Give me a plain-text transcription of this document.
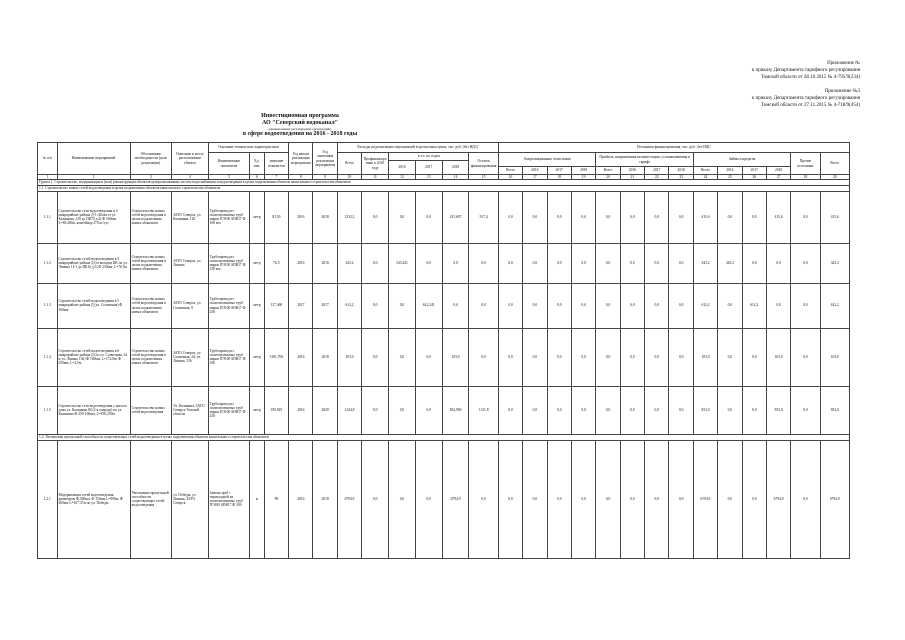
Приложение №
к приказу Департамента тарифного регулирования
Томской области от 28.10.2015 № 4-795/9(234)
Приложение №3
к приказу Департамента тарифного регулирования
Томской области от 27.11.2015 № 4-718/9(454)
Инвестиционная программа
АО "Северский водоканал"
(наименование регулируемой организации)
в сфере водоотведения на 2016 - 2018 годы
№ п/п	Наименование мероприятий	Обоснование необходимости (цель реализации)	Описание и место расположения объекта	Основные технические характеристики			Год начала реализации мероприятия	Год окончания реализации мероприятия	Расходы на реализацию мероприятий в прогнозных ценах, тыс. руб. (без НДС)						Источники финансирования, тыс. руб., без НДС													
				Наименование показателя	Ед. изм.	значение показателя			Всего	Профинансировано к 2016 году	в т.ч. по годам			Остаток финансирования	Амортизационные отчисления				Прибыль, направленная на инвестиции, устанавливаемая в тарифе				Займы и кредиты				Прочие источники	Всего
											2016	2017	2018															
															Всего	2016	2017	2018	Всего	2016	2017	2018	Всего	2016	2017	2018		
1	2	3	4	5	6	7	8	9	10	11	12	13	14	15	16	17	18	19	20	21	22	23	24	25	26	27	28	29
Группа 1. Строительство, модернизация и (или) реконструкция объектов централизованных систем водоснабжения и водоотведения в целях подключения объектов капитального строительства абонентов																												
1.1. Строительство новых сетей водоотведения в целях подключения объектов капитального строительства абонентов																												
1.1.1	Строительство сети водоотведения в 4 микрорайоне района Д-1 (40мм от ул. Калинина, 120 до ПК70 д.4) Ф 160мм L=83,480м, контейнер 270 кг/сут	Строительство новых сетей водоотведения в целях подключения новых абонентов	ЗАТО Северск, ул. Калинина, 120	Трубопровод из полиэтиленовых труб марки ПЭ100 SDR17 Ф 160 мм	метр	83,50	2016	2018	1332,3	0,0	0,0	0,0	415,607	917,4	0,0	0,0	0,0	0,0	0,0	0,0	0,0	0,0	415,6	0,0	0,0	415,6	0,0	415,6
1.1.2	Строительство сетей водоотведения в 5 микрорайоне района Д (от колодца КК по ул. Ленина 11/1 до ПК16 д.5) Ф 250мм, L=76,5м	Строительство новых сетей водоотведения в целях подключения новых абонентов	ЗАТО Северск, ул. Ленина	Трубопровод из полиэтиленовых труб марки ПЭ100 SDR17 Ф 250 мм	метр	76,5	2016	2016	343,2	0,0	343,241	0,0	0,0	0,0	0,0	0,0	0,0	0,0	0,0	0,0	0,0	0,0	343,2	343,2	0,0	0,0	0,0	343,2
1.1.3	Строительство сетей водоотведения в 5 микрорайоне района Д (ул. Солнечная) Ф 160мм	Строительство новых сетей водоотведения в целях подключения новых абонентов	ЗАТО Северск, ул. Солнечная, 8	Трубопровод из полиэтиленовых труб марки ПЭ100 SDR17 Ф 250	метр	127,460	2017	2017	612,2	0,0	0,0	612,241	0,0	0,0	0,0	0,0	0,0	0,0	0,0	0,0	0,0	0,0	612,2	0,0	612,2	0,0	0,0	612,2
1.1.4	Строительство сетей водоотведения в 6 микрорайоне района Д (по ул. Солнечная, 24 и ул. Ленина 136) Ф 160мм, L=172,0м; Ф 250мм, L=2,5м	Строительство новых сетей водоотведения в целях подключения новых абонентов	ЗАТО Северск, ул. Солнечная, 24; ул. Ленина, 136	Трубопровод из полиэтиленовых труб марки ПЭ100 SDR17 Ф 160	метр	3181,706	2016	2018	103,0	0,0	0,0	0,0	103,0	0,0	0,0	0,0	0,0	0,0	0,0	0,0	0,0	0,0	103,0	0,0	0,0	103,0	0,0	103,0
1.1.5	Строительство сети водоотведения у жилого дома ул. Калинина 84 (2-я очередь) по ул. Калинина Ф 250-160мм, L=190,250м	Строительство новых сетей водоотведения	Ул. Калинина, ЗАТО Северск Томской области	Трубопровод из полиэтиленовых труб марки ПЭ100 SDR17 Ф 250	метр	190,925	2016	2020	2144,8	0,0	0,0	0,0	832,969	1311,8	0,0	0,0	0,0	0,0	0,0	0,0	0,0	0,0	833,0	0,0	0,0	833,0	0,0	833,0
1.2. Увеличение пропускной способности существующих сетей водоотведения в целях подключения объектов капитального строительства абонентов																												
1.2.1	Модернизация сетей водоотведения диаметром Ф 300мм, Ф 150мм L=990м; Ф 200мм L=107,37м по ул. Победы	Увеличение пропускной способности существующих сетей водоотведения	ул. Победы, ул. Ленина, ЗАТО Северск	Замена труб с перекладкой из полиэтиленовых труб ПЭ100 SDR17 Ф 300	м	99	2016	2018	6794,9	0,0	0,0	0,0	6794,9	0,0	0,0	0,0	0,0	0,0	0,0	0,0	0,0	0,0	6794,9	0,0	0,0	6794,9	0,0	6794,9
